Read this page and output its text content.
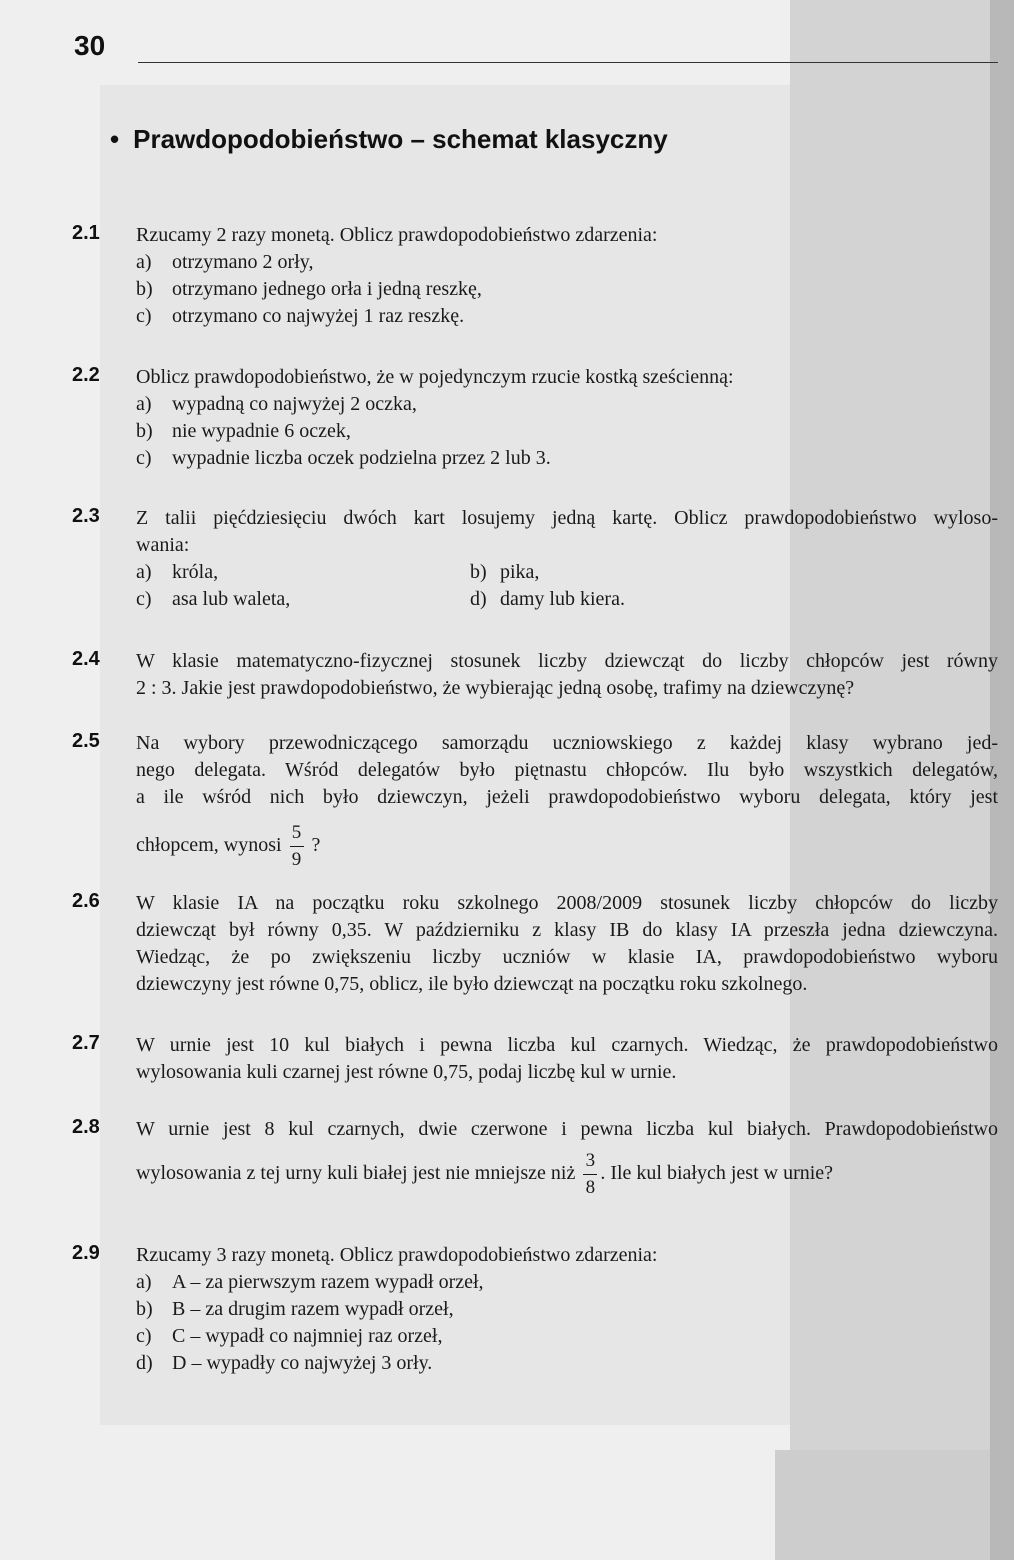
30
• Prawdopodobieństwo – schemat klasyczny
2.1 Rzucamy 2 razy monetą. Oblicz prawdopodobieństwo zdarzenia:

a) otrzymano 2 orły,

b) otrzymano jednego orła i jedną reszkę,

c) otrzymano co najwyżej 1 raz reszkę.

2.2 Oblicz prawdopodobieństwo, że w pojedynczym rzucie kostką sześcienną:

a) wypadną co najwyżej 2 oczka,

b) nie wypadnie 6 oczek,

c) wypadnie liczba oczek podzielna przez 2 lub 3.

2.3 Z talii pięćdziesięciu dwóch kart losujemy jedną kartę. Oblicz prawdopodobieństwo wyloso-

wania:

a) króla,	b) pika,
c) asa lub waleta,	d) damy lub kiera.
2.4 W klasie matematyczno-fizycznej stosunek liczby dziewcząt do liczby chłopców jest równy

2 : 3. Jakie jest prawdopodobieństwo, że wybierając jedną osobę, trafimy na dziewczynę?

2.5 Na wybory przewodniczącego samorządu uczniowskiego z każdej klasy wybrano jed-

nego delegata. Wśród delegatów było piętnastu chłopców. Ilu było wszystkich delegatów,

a ile wśród nich było dziewczyn, jeżeli prawdopodobieństwo wyboru delegata, który jest

chłopcem, wynosi $\frac{5}{9}$ ?

2.6 W klasie IA na początku roku szkolnego 2008/2009 stosunek liczby chłopców do liczby

dziewcząt był równy 0,35. W październiku z klasy IB do klasy IA przeszła jedna dziewczyna.

Wiedząc, że po zwiększeniu liczby uczniów w klasie IA, prawdopodobieństwo wyboru

dziewczyny jest równe 0,75, oblicz, ile było dziewcząt na początku roku szkolnego.

2.7 W urnie jest 10 kul białych i pewna liczba kul czarnych. Wiedząc, że prawdopodobieństwo

wylosowania kuli czarnej jest równe 0,75, podaj liczbę kul w urnie.

2.8 W urnie jest 8 kul czarnych, dwie czerwone i pewna liczba kul białych. Prawdopodobieństwo

wylosowania z tej urny kuli białej jest nie mniejsze niż $\frac{3}{8}$ . Ile kul białych jest w urnie?

2.9 Rzucamy 3 razy monetą. Oblicz prawdopodobieństwo zdarzenia:

a) A – za pierwszym razem wypadł orzeł,

b) B – za drugim razem wypadł orzeł,

c) C – wypadł co najmniej raz orzeł,

d) D – wypadły co najwyżej 3 orły.
